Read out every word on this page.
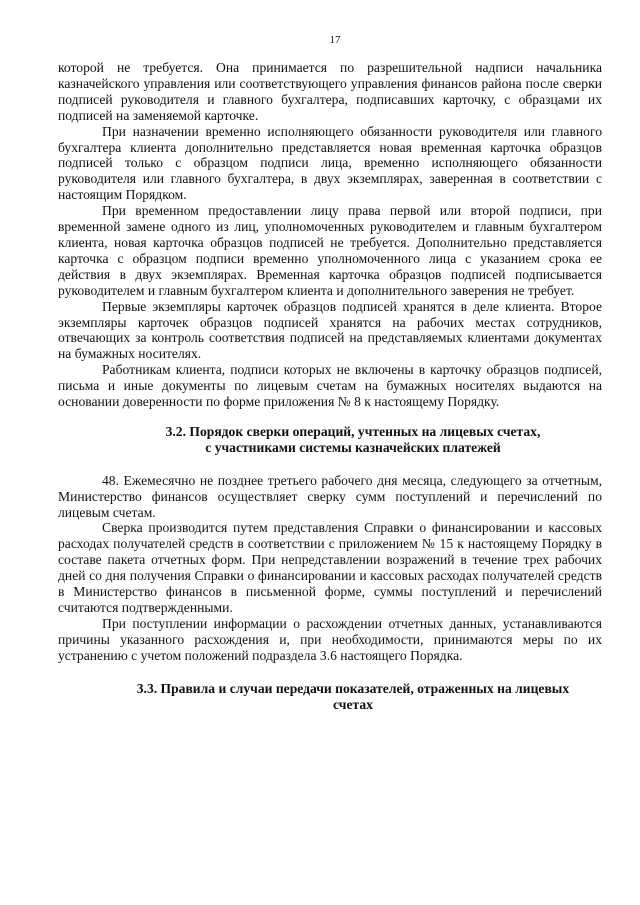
17

которой не требуется. Она принимается по разрешительной надписи начальника казначейского управления или соответствующего управления финансов района после сверки подписей руководителя и главного бухгалтера, подписавших карточку, с образцами их подписей на заменяемой карточке.

При назначении временно исполняющего обязанности руководителя или главного бухгалтера клиента дополнительно представляется новая временная карточка образцов подписей только с образцом подписи лица, временно исполняющего обязанности руководителя или главного бухгалтера, в двух экземплярах, заверенная в соответствии с настоящим Порядком.

При временном предоставлении лицу права первой или второй подписи, при временной замене одного из лиц, уполномоченных руководителем и главным бухгалтером клиента, новая карточка образцов подписей не требуется. Дополнительно представляется карточка с образцом подписи временно уполномоченного лица с указанием срока ее действия в двух экземплярах. Временная карточка образцов подписей подписывается руководителем и главным бухгалтером клиента и дополнительного заверения не требует.

Первые экземпляры карточек образцов подписей хранятся в деле клиента. Второе экземпляры карточек образцов подписей хранятся на рабочих местах сотрудников, отвечающих за контроль соответствия подписей на представляемых клиентами документах на бумажных носителях.

Работникам клиента, подписи которых не включены в карточку образцов подписей, письма и иные документы по лицевым счетам на бумажных носителях выдаются на основании доверенности по форме приложения № 8 к настоящему Порядку.

3.2. Порядок сверки операций, учтенных на лицевых счетах,
с участниками системы казначейских платежей

48. Ежемесячно не позднее третьего рабочего дня месяца, следующего за отчетным, Министерство финансов осуществляет сверку сумм поступлений и перечислений по лицевым счетам.

Сверка производится путем представления Справки о финансировании и кассовых расходах получателей средств в соответствии с приложением № 15 к настоящему Порядку в составе пакета отчетных форм. При непредставлении возражений в течение трех рабочих дней со дня получения Справки о финансировании и кассовых расходах получателей средств в Министерство финансов в письменной форме, суммы поступлений и перечислений считаются подтвержденными.

При поступлении информации о расхождении отчетных данных, устанавливаются причины указанного расхождения и, при необходимости, принимаются меры по их устранению с учетом положений подраздела 3.6 настоящего Порядка.

3.3. Правила и случаи передачи показателей, отраженных на лицевых
счетах
